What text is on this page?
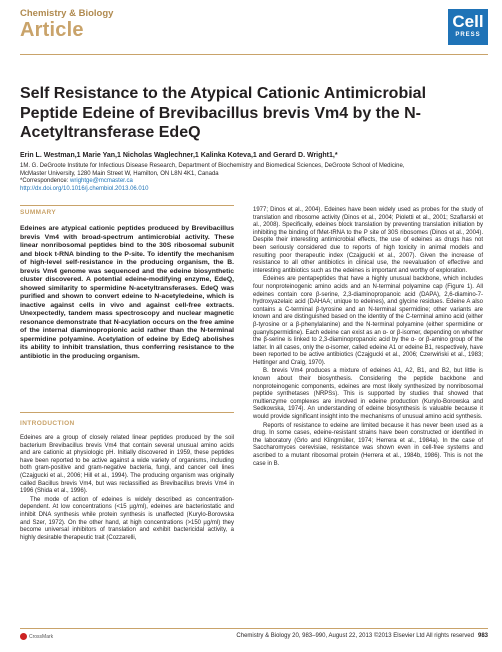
Chemistry & Biology
Article	Cell
PRESS
Self Resistance to the Atypical Cationic Antimicrobial Peptide Edeine of Brevibacillus brevis Vm4 by the N-Acetyltransferase EdeQ
Erin L. Westman,1 Marie Yan,1 Nicholas Waglechner,1 Kalinka Koteva,1 and Gerard D. Wright1,*
1M. G. DeGroote Institute for Infectious Disease Research, Department of Biochemistry and Biomedical Sciences, DeGroote School of Medicine, McMaster University, 1280 Main Street W, Hamilton, ON L8N 4K1, Canada
*Correspondence: wrightge@mcmaster.ca
http://dx.doi.org/10.1016/j.chembiol.2013.06.010
SUMMARY

Edeines are atypical cationic peptides produced by Brevibacillus brevis Vm4 with broad-spectrum antimicrobial activity. These linear nonribosomal peptides bind to the 30S ribosomal subunit and block t-RNA binding to the P-site. To identify the mechanism of high-level self-resistance in the producing organism, the B. brevis Vm4 genome was sequenced and the edeine biosynthetic cluster discovered. A potential edeine-modifying enzyme, EdeQ, showed similarity to spermidine N-acetyltransferases. EdeQ was purified and shown to convert edeine to N-acetyledeine, which is inactive against cells in vivo and against cell-free extracts. Unexpectedly, tandem mass spectroscopy and nuclear magnetic resonance demonstrate that N-acylation occurs on the free amine of the internal diaminopropionic acid rather than the N-terminal spermidine polyamine. Acetylation of edeine by EdeQ abolishes its ability to inhibit translation, thus conferring resistance to the antibiotic in the producing organism.

INTRODUCTION

Edeines are a group of closely related linear peptides produced by the soil bacterium Brevibacillus brevis Vm4 that contain several unusual amino acids and are cationic at physiologic pH. Initially discovered in 1959, these peptides have been reported to be active against a wide variety of organisms, including both gram-positive and gram-negative bacteria, fungi, and cancer cell lines (Czajgucki et al., 2006; Hill et al., 1994). The producing organism was originally called Bacillus brevis Vm4, but was reclassified as Brevibacillus brevis Vm4 in 1996 (Shida et al., 1996).

The mode of action of edeines is widely described as concentration-dependent. At low concentrations (<15 µg/ml), edeines are bacteriostatic and inhibit DNA synthesis while protein synthesis is unaffected (Kurylo-Borowska and Szer, 1972). On the other hand, at high concentrations (>150 µg/ml) they become universal inhibitors of translation and exhibit bactericidal activity, a highly desirable therapeutic trait (Cozzarelli,

1977; Dinos et al., 2004). Edeines have been widely used as probes for the study of translation and ribosome activity (Dinos et al., 2004; Pioletti et al., 2001; Szaflarski et al., 2008). Specifically, edeines block translation by preventing translation initiation by inhibiting the binding of fMet-tRNA to the P site of 30S ribosomes (Dinos et al., 2004). Despite their interesting antimicrobial effects, the use of edeines as drugs has not been seriously considered due to reports of high toxicity in animal models and resulting poor therapeutic index (Czajgucki et al., 2007). Given the increase of resistance to all other antibiotics in clinical use, the reevaluation of effective and interesting antibiotics such as the edeines is important and worthy of exploration.

Edeines are pentapeptides that have a highly unusual backbone, which includes four nonproteinogenic amino acids and an N-terminal polyamine cap (Figure 1). All edeines contain core β-serine, 2,3-diaminopropanoic acid (DAPA), 2,6-diamino-7-hydroxyazelaic acid (DAHAA; unique to edeines), and glycine residues. Edeine A also contains a C-terminal β-tyrosine and an N-terminal spermidine; other variants are known and are distinguished based on the identity of the C-terminal amino acid (either β-tyrosine or a β-phenylalanine) and the N-terminal polyamine (either spermidine or guanylspermidine). Each edeine can exist as an α- or β-isomer, depending on whether the β-serine is linked to 2,3-diaminopropanoic acid by the α- or β-amino group of the latter. In all cases, only the α-isomer, called edeine A1 or edeine B1, respectively, have been reported to be active antibiotics (Czajgucki et al., 2006; Czerwiński et al., 1983; Hettinger and Craig, 1970).

B. brevis Vm4 produces a mixture of edeines A1, A2, B1, and B2, but little is known about their biosynthesis. Considering the peptide backbone and nonproteinogenic components, edeines are most likely synthesized by nonribosomal peptide synthetases (NRPSs). This is supported by studies that showed that multienzyme complexes are involved in edeine production (Kurylo-Borowska and Sedkowska, 1974). An understanding of edeine biosynthesis is valuable because it would provide significant insight into the mechanisms of unusual amino acid synthesis.

Reports of resistance to edeine are limited because it has never been used as a drug. In some cases, edeine-resistant strains have been constructed or identified in the laboratory (Grlo and Klingmüller, 1974; Herrera et al., 1984a). In the case of Saccharomyces cerevisiae, resistance was shown even in cell-free systems and ascribed to a mutant ribosomal protein (Herrera et al., 1984b, 1986). This is not the case in B.

CrossMark	Chemistry & Biology 20, 983–990, August 22, 2013 ©2013 Elsevier Ltd All rights reserved 983
